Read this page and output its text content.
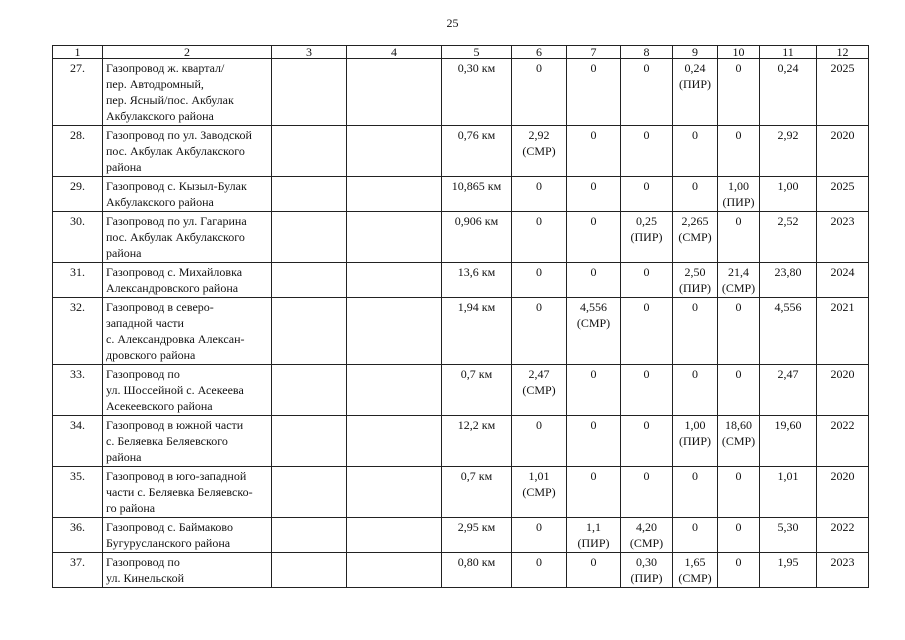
25
1	2	3	4	5	6	7	8	9	10	11	12
27.	Газопровод ж. квартал/
пер. Автодромный,
пер. Ясный/пос. Акбулак
Акбулакского района			0,30 км	0	0	0	0,24
(ПИР)	0	0,24	2025
28.	Газопровод по ул. Заводской
пос. Акбулак Акбулакского
района			0,76 км	2,92
(СМР)	0	0	0	0	2,92	2020
29.	Газопровод с. Кызыл-Булак
Акбулакского района			10,865 км	0	0	0	0	1,00
(ПИР)	1,00	2025
30.	Газопровод по ул. Гагарина
пос. Акбулак Акбулакского
района			0,906 км	0	0	0,25
(ПИР)	2,265
(СМР)	0	2,52	2023
31.	Газопровод с. Михайловка
Александровского района			13,6 км	0	0	0	2,50
(ПИР)	21,4
(СМР)	23,80	2024
32.	Газопровод в северо-
западной части
с. Александровка Алексан-
дровского района			1,94 км	0	4,556
(СМР)	0	0	0	4,556	2021
33.	Газопровод по
ул. Шоссейной с. Асекеева
Асекеевского района			0,7 км	2,47
(СМР)	0	0	0	0	2,47	2020
34.	Газопровод в южной части
с. Беляевка Беляевского
района			12,2 км	0	0	0	1,00
(ПИР)	18,60
(СМР)	19,60	2022
35.	Газопровод в юго-западной
части с. Беляевка Беляевско-
го района			0,7 км	1,01
(СМР)	0	0	0	0	1,01	2020
36.	Газопровод с. Баймаково
Бугурусланского района			2,95 км	0	1,1
(ПИР)	4,20
(СМР)	0	0	5,30	2022
37.	Газопровод по
ул. Кинельской			0,80 км	0	0	0,30
(ПИР)	1,65
(СМР)	0	1,95	2023
